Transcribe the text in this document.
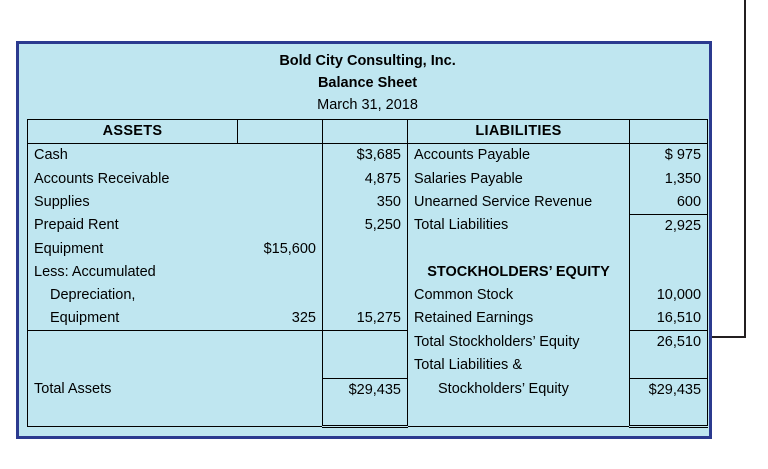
Bold City Consulting, Inc.
Balance Sheet
March 31, 2018				

ASSETS			LIABILITIES	
Cash		$3,685	Accounts Payable	$ 975
Accounts Receivable		4,875	Salaries Payable	1,350
Supplies		350	Unearned Service Revenue	600
Prepaid Rent		5,250	Total Liabilities	2,925
Equipment	$15,600			
Less: Accumulated			STOCKHOLDERS’ EQUITY	
Depreciation,			Common Stock	10,000
Equipment	325	15,275	Retained Earnings	16,510
			Total Stockholders’ Equity	26,510
			Total Liabilities &	
Total Assets		$29,435	Stockholders’ Equity	$29,435
